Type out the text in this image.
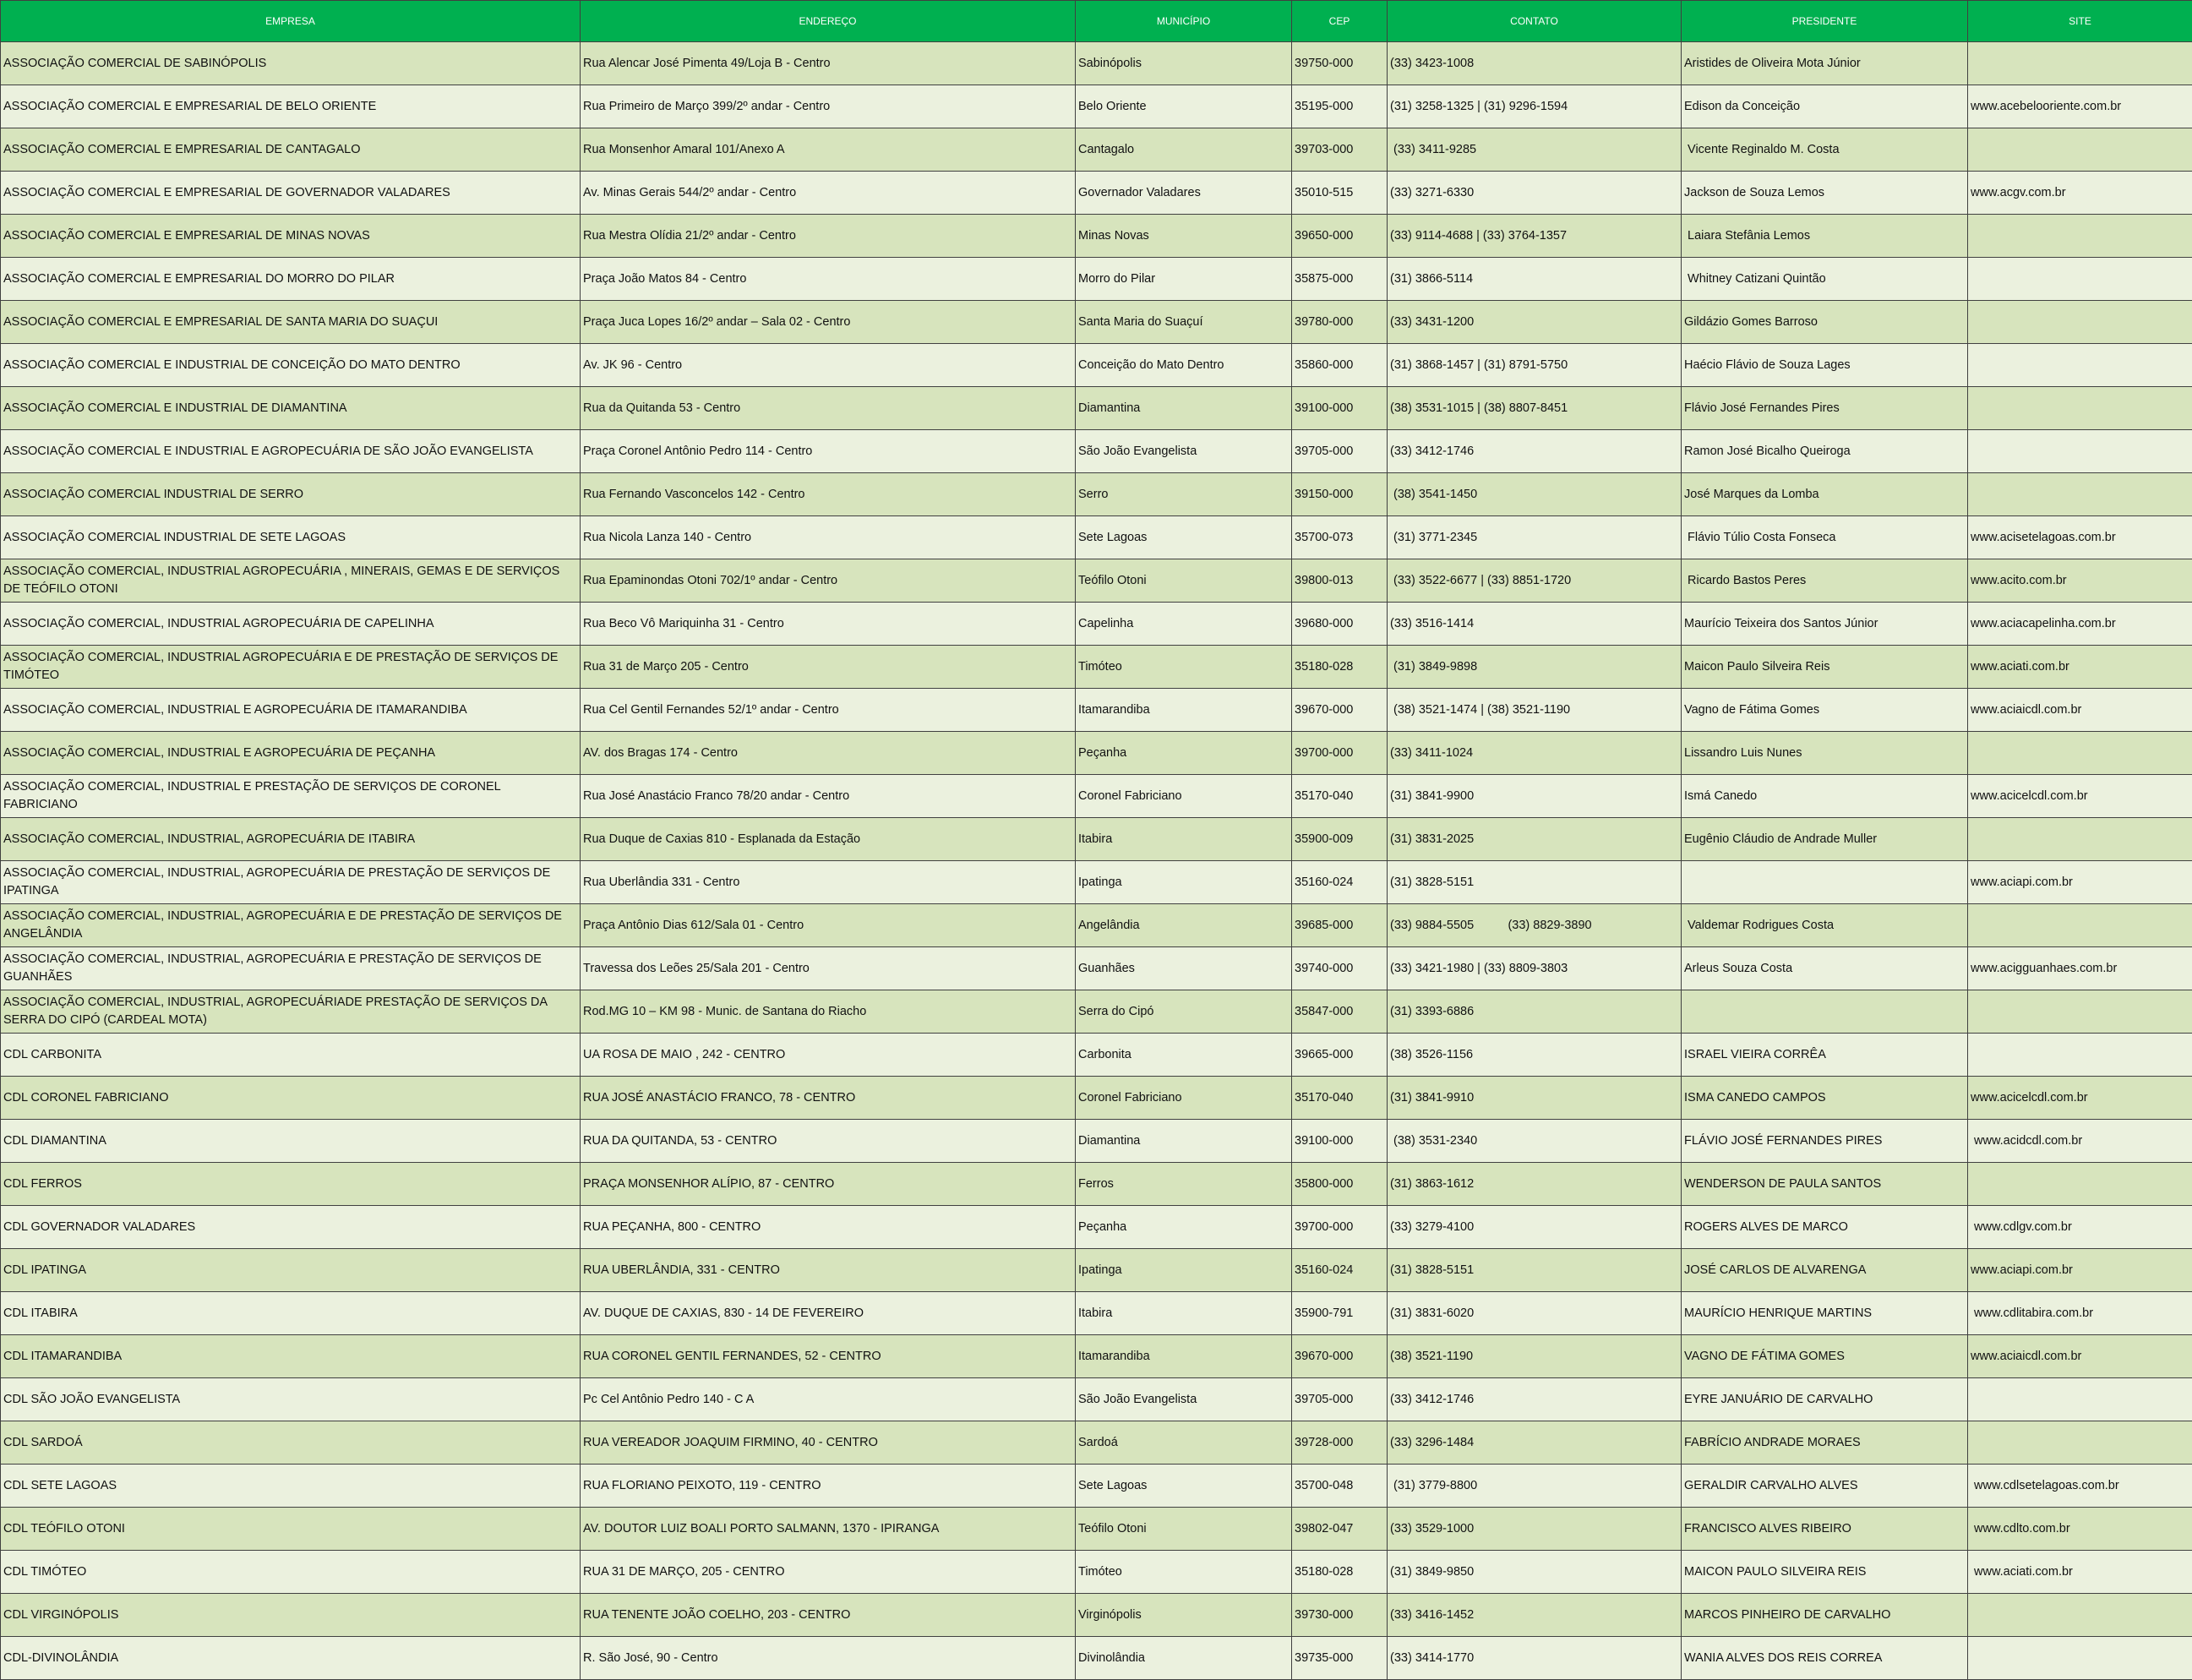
EMPRESA	ENDEREÇO	MUNICÍPIO	CEP	CONTATO	PRESIDENTE	SITE
ASSOCIAÇÃO COMERCIAL DE SABINÓPOLIS	Rua Alencar José Pimenta 49/Loja B - Centro	Sabinópolis	39750-000	(33) 3423-1008	Aristides de Oliveira Mota Júnior	
ASSOCIAÇÃO COMERCIAL E EMPRESARIAL DE BELO ORIENTE	Rua Primeiro de Março 399/2º andar - Centro	Belo Oriente	35195-000	(31) 3258-1325 | (31) 9296-1594	Edison da Conceição	www.acebelooriente.com.br
ASSOCIAÇÃO COMERCIAL E EMPRESARIAL DE CANTAGALO	Rua Monsenhor Amaral 101/Anexo A	Cantagalo	39703-000	(33) 3411-9285	Vicente Reginaldo M. Costa	
ASSOCIAÇÃO COMERCIAL E EMPRESARIAL DE GOVERNADOR VALADARES	Av. Minas Gerais 544/2º andar - Centro	Governador Valadares	35010-515	(33) 3271-6330	Jackson de Souza Lemos	www.acgv.com.br
ASSOCIAÇÃO COMERCIAL E EMPRESARIAL DE MINAS NOVAS	Rua Mestra Olídia 21/2º andar - Centro	Minas Novas	39650-000	(33) 9114-4688 | (33) 3764-1357	Laiara Stefânia Lemos	
ASSOCIAÇÃO COMERCIAL E EMPRESARIAL DO MORRO DO PILAR	Praça João Matos 84 - Centro	Morro do Pilar	35875-000	(31) 3866-5114	Whitney Catizani Quintão	
ASSOCIAÇÃO COMERCIAL E EMPRESARIAL DE SANTA MARIA DO SUAÇUI	Praça Juca Lopes 16/2º andar – Sala 02 - Centro	Santa Maria do Suaçuí	39780-000	(33) 3431-1200	Gildázio Gomes Barroso	
ASSOCIAÇÃO COMERCIAL E INDUSTRIAL DE CONCEIÇÃO DO MATO DENTRO	Av. JK 96 - Centro	Conceição do Mato Dentro	35860-000	(31) 3868-1457 | (31) 8791-5750	Haécio Flávio de Souza Lages	
ASSOCIAÇÃO COMERCIAL E INDUSTRIAL DE DIAMANTINA	Rua da Quitanda 53 - Centro	Diamantina	39100-000	(38) 3531-1015 | (38) 8807-8451	Flávio José Fernandes Pires	
ASSOCIAÇÃO COMERCIAL E INDUSTRIAL E AGROPECUÁRIA DE SÃO JOÃO EVANGELISTA	Praça Coronel Antônio Pedro 114 - Centro	São João Evangelista	39705-000	(33) 3412-1746	Ramon José Bicalho Queiroga	
ASSOCIAÇÃO COMERCIAL INDUSTRIAL DE SERRO	Rua Fernando Vasconcelos 142 - Centro	Serro	39150-000	(38) 3541-1450	José Marques da Lomba	
ASSOCIAÇÃO COMERCIAL INDUSTRIAL DE SETE LAGOAS	Rua Nicola Lanza 140 - Centro	Sete Lagoas	35700-073	(31) 3771-2345	Flávio Túlio Costa Fonseca	www.acisetelagoas.com.br
ASSOCIAÇÃO COMERCIAL, INDUSTRIAL AGROPECUÁRIA , MINERAIS, GEMAS E DE SERVIÇOS DE TEÓFILO OTONI	Rua Epaminondas Otoni 702/1º andar - Centro	Teófilo Otoni	39800-013	(33) 3522-6677 | (33) 8851-1720	Ricardo Bastos Peres	www.acito.com.br
ASSOCIAÇÃO COMERCIAL, INDUSTRIAL AGROPECUÁRIA DE CAPELINHA	Rua Beco Vô Mariquinha 31 - Centro	Capelinha	39680-000	(33) 3516-1414	Maurício Teixeira dos Santos Júnior	www.aciacapelinha.com.br
ASSOCIAÇÃO COMERCIAL, INDUSTRIAL AGROPECUÁRIA E DE PRESTAÇÃO DE SERVIÇOS DE TIMÓTEO	Rua 31 de Março 205 - Centro	Timóteo	35180-028	(31) 3849-9898	Maicon Paulo Silveira Reis	www.aciati.com.br
ASSOCIAÇÃO COMERCIAL, INDUSTRIAL E AGROPECUÁRIA DE ITAMARANDIBA	Rua Cel Gentil Fernandes 52/1º andar - Centro	Itamarandiba	39670-000	(38) 3521-1474 | (38) 3521-1190	Vagno de Fátima Gomes	www.aciaicdl.com.br
ASSOCIAÇÃO COMERCIAL, INDUSTRIAL E AGROPECUÁRIA DE PEÇANHA	AV. dos Bragas 174 - Centro	Peçanha	39700-000	(33) 3411-1024	Lissandro Luis Nunes	
ASSOCIAÇÃO COMERCIAL, INDUSTRIAL E PRESTAÇÃO DE SERVIÇOS DE CORONEL FABRICIANO	Rua José Anastácio Franco 78/20 andar - Centro	Coronel Fabriciano	35170-040	(31) 3841-9900	Ismá Canedo	www.acicelcdl.com.br
ASSOCIAÇÃO COMERCIAL, INDUSTRIAL, AGROPECUÁRIA DE ITABIRA	Rua Duque de Caxias 810 - Esplanada da Estação	Itabira	35900-009	(31) 3831-2025	Eugênio Cláudio de Andrade Muller	
ASSOCIAÇÃO COMERCIAL, INDUSTRIAL, AGROPECUÁRIA DE PRESTAÇÃO DE SERVIÇOS DE IPATINGA	Rua Uberlândia 331 - Centro	Ipatinga	35160-024	(31) 3828-5151		www.aciapi.com.br
ASSOCIAÇÃO COMERCIAL, INDUSTRIAL, AGROPECUÁRIA E DE PRESTAÇÃO DE SERVIÇOS DE ANGELÂNDIA	Praça Antônio Dias 612/Sala 01 - Centro	Angelândia	39685-000	(33) 9884-5505          (33) 8829-3890	Valdemar Rodrigues Costa	
ASSOCIAÇÃO COMERCIAL, INDUSTRIAL, AGROPECUÁRIA E PRESTAÇÃO DE SERVIÇOS DE GUANHÃES	Travessa dos Leões 25/Sala 201 - Centro	Guanhães	39740-000	(33) 3421-1980 | (33) 8809-3803	Arleus Souza Costa	www.acigguanhaes.com.br
ASSOCIAÇÃO COMERCIAL, INDUSTRIAL, AGROPECUÁRIADE PRESTAÇÃO DE SERVIÇOS DA SERRA DO CIPÓ (CARDEAL MOTA)	Rod.MG 10 – KM 98 - Munic. de Santana do Riacho	Serra do Cipó	35847-000	(31) 3393-6886		
CDL CARBONITA	UA ROSA DE MAIO , 242 - CENTRO	Carbonita	39665-000	(38) 3526-1156	ISRAEL VIEIRA CORRÊA	
CDL CORONEL FABRICIANO	RUA JOSÉ ANASTÁCIO FRANCO, 78 - CENTRO	Coronel Fabriciano	35170-040	(31) 3841-9910	ISMA CANEDO CAMPOS	www.acicelcdl.com.br
CDL DIAMANTINA	RUA DA QUITANDA, 53 - CENTRO	Diamantina	39100-000	(38) 3531-2340	FLÁVIO JOSÉ FERNANDES PIRES	www.acidcdl.com.br
CDL FERROS	PRAÇA MONSENHOR ALÍPIO, 87 - CENTRO	Ferros	35800-000	(31) 3863-1612	WENDERSON DE PAULA SANTOS	
CDL GOVERNADOR VALADARES	RUA PEÇANHA, 800 - CENTRO	Peçanha	39700-000	(33) 3279-4100	ROGERS ALVES DE MARCO	www.cdlgv.com.br
CDL IPATINGA	RUA UBERLÂNDIA, 331 - CENTRO	Ipatinga	35160-024	(31) 3828-5151	JOSÉ CARLOS DE ALVARENGA	www.aciapi.com.br
CDL ITABIRA	AV. DUQUE DE CAXIAS, 830 - 14 DE FEVEREIRO	Itabira	35900-791	(31) 3831-6020	MAURÍCIO HENRIQUE MARTINS	www.cdlitabira.com.br
CDL ITAMARANDIBA	RUA CORONEL GENTIL FERNANDES, 52 - CENTRO	Itamarandiba	39670-000	(38) 3521-1190	VAGNO DE FÁTIMA GOMES	www.aciaicdl.com.br
CDL SÃO JOÃO EVANGELISTA	Pc Cel Antônio Pedro 140 - C A	São João Evangelista	39705-000	(33) 3412-1746	EYRE JANUÁRIO DE CARVALHO	
CDL SARDOÁ	RUA VEREADOR JOAQUIM FIRMINO, 40 - CENTRO	Sardoá	39728-000	(33) 3296-1484	FABRÍCIO ANDRADE MORAES	
CDL SETE LAGOAS	RUA FLORIANO PEIXOTO, 119 - CENTRO	Sete Lagoas	35700-048	(31) 3779-8800	GERALDIR CARVALHO ALVES	www.cdlsetelagoas.com.br
CDL TEÓFILO OTONI	AV. DOUTOR LUIZ BOALI PORTO SALMANN, 1370 - IPIRANGA	Teófilo Otoni	39802-047	(33) 3529-1000	FRANCISCO ALVES RIBEIRO	www.cdlto.com.br
CDL TIMÓTEO	RUA 31 DE MARÇO, 205 - CENTRO	Timóteo	35180-028	(31) 3849-9850	MAICON PAULO SILVEIRA REIS	www.aciati.com.br
CDL VIRGINÓPOLIS	RUA TENENTE JOÃO COELHO, 203 - CENTRO	Virginópolis	39730-000	(33) 3416-1452	MARCOS PINHEIRO DE CARVALHO	
CDL-DIVINOLÂNDIA	R. São José, 90 - Centro	Divinolândia	39735-000	(33) 3414-1770	WANIA ALVES DOS REIS CORREA	
